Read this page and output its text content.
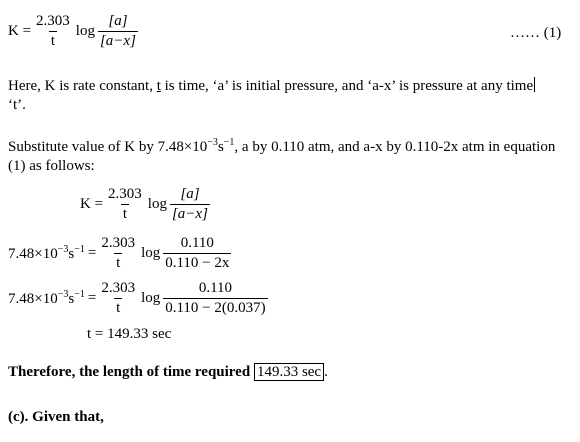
$K = \frac{2.303}{t}$ $\log \frac{[a]}{[a-x]}$	…… (1)
Here, K is rate constant, t is time, ‘a’ is initial pressure, and ‘a-x’ is pressure at any time
‘t’.
Substitute value of K by $7.48\times 10^{-3}s^{-1}$, a by 0.110 atm, and a-x by 0.110-2x atm in equation
(1) as follows:
$K = \frac{2.303}{t}$ $\log \frac{[a]}{[a-x]}$
$7.48\times 10^{-3}s^{-1} = \frac{2.303}{t}$ $\log \frac{0.110}{0.110 - 2x}$
$7.48\times 10^{-3}s^{-1} = \frac{2.303}{t}$ $\log \frac{0.110}{0.110 - 2(0.037)}$
t = 149.33 sec
Therefore, the length of time required 149.33 sec .
(c). Given that,
